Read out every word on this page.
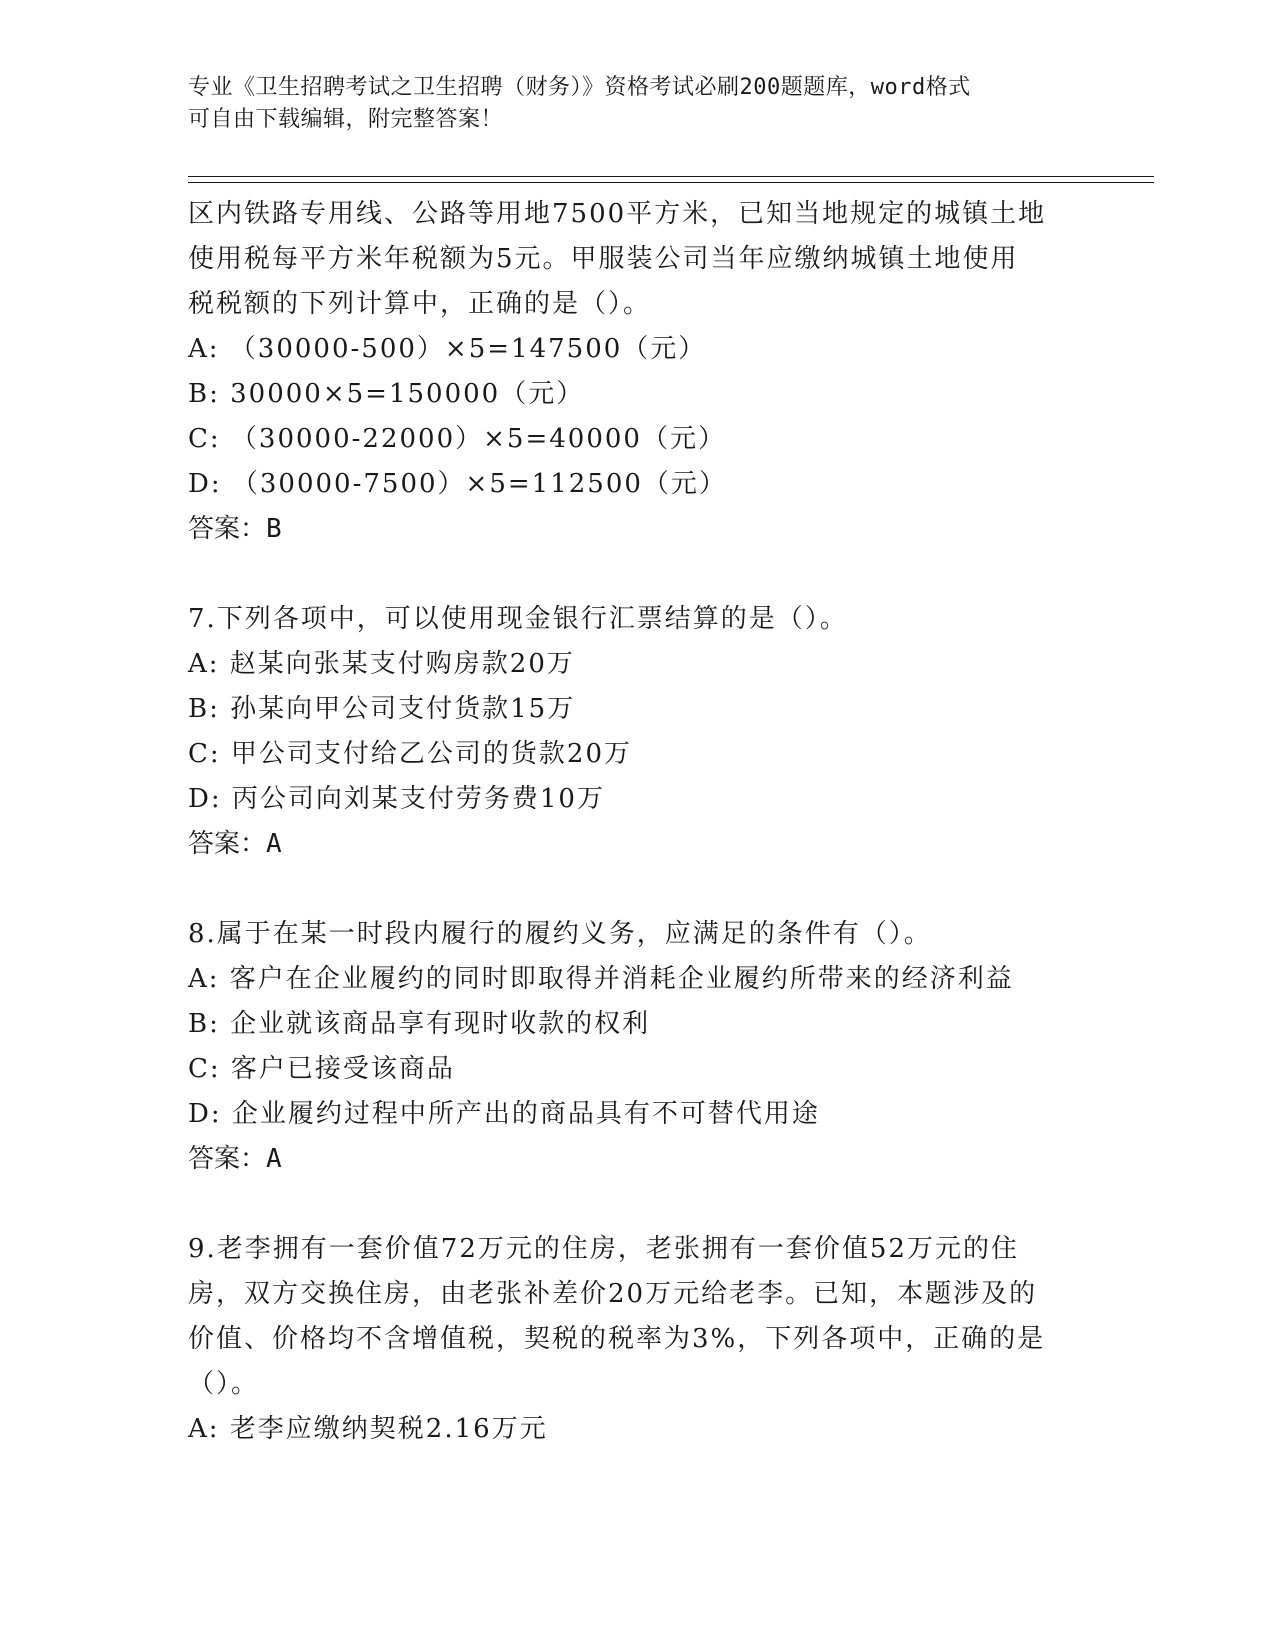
专业《卫生招聘考试之卫生招聘（财务）》资格考试必刷200题题库，word格式
可自由下载编辑，附完整答案！
区内铁路专用线、公路等用地7500平方米，已知当地规定的城镇土地
使用税每平方米年税额为5元。甲服装公司当年应缴纳城镇土地使用
税税额的下列计算中，正确的是（）。
A: （30000-500）×5=147500（元）
B: 30000×5=150000（元）
C: （30000-22000）×5=40000（元）
D: （30000-7500）×5=112500（元）
答案：B
7.下列各项中，可以使用现金银行汇票结算的是（）。
A: 赵某向张某支付购房款20万
B: 孙某向甲公司支付货款15万
C: 甲公司支付给乙公司的货款20万
D: 丙公司向刘某支付劳务费10万
答案：A
8.属于在某一时段内履行的履约义务，应满足的条件有（）。
A: 客户在企业履约的同时即取得并消耗企业履约所带来的经济利益
B: 企业就该商品享有现时收款的权利
C: 客户已接受该商品
D: 企业履约过程中所产出的商品具有不可替代用途
答案：A
9.老李拥有一套价值72万元的住房，老张拥有一套价值52万元的住
房，双方交换住房，由老张补差价20万元给老李。已知，本题涉及的
价值、价格均不含增值税，契税的税率为3%，下列各项中，正确的是
（）。
A: 老李应缴纳契税2.16万元
